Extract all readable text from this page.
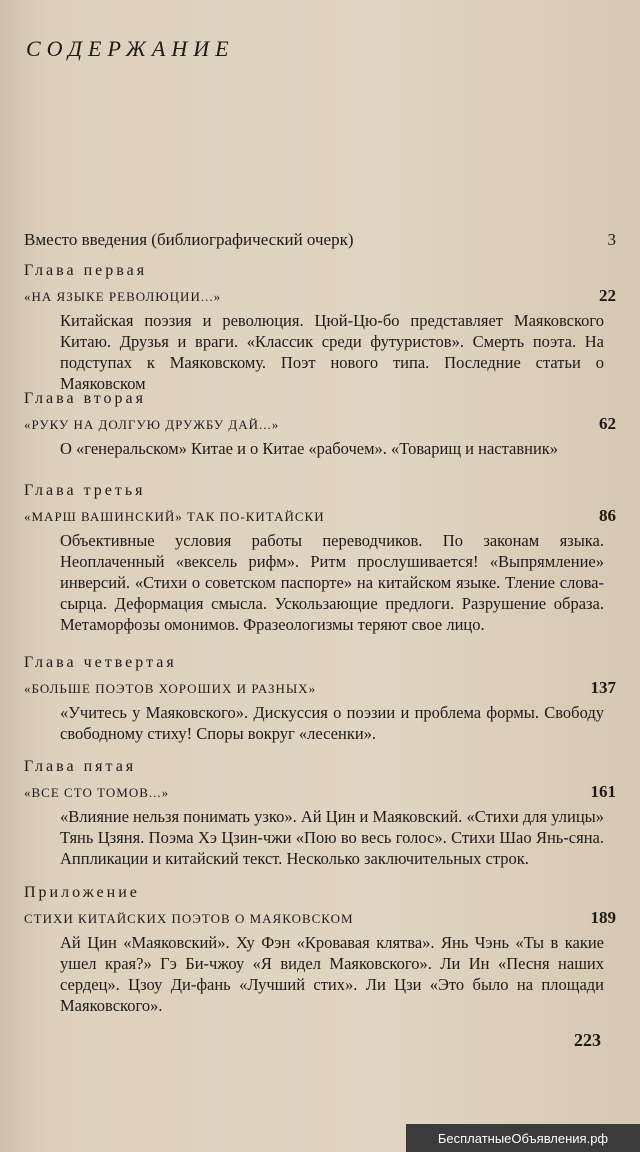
СОДЕРЖАНИЕ
Вместо введения (библиографический очерк)	3
Глава первая
«НА ЯЗЫКЕ РЕВОЛЮЦИИ...»	22
Китайская поэзия и революция. Цюй-Цю-бо представляет Маяковского Китаю. Друзья и враги. «Классик среди футуристов». Смерть поэта. На подступах к Маяковскому. Поэт нового типа. Последние статьи о Маяковском
Глава вторая
«РУКУ НА ДОЛГУЮ ДРУЖБУ ДАЙ...»	62
О «генеральском» Китае и о Китае «рабочем». «Товарищ и наставник»
Глава третья
«МАРШ ВАШИНСКИЙ» ТАК ПО-КИТАЙСКИ	86
Объективные условия работы переводчиков. По законам языка. Неоплаченный «вексель рифм». Ритм прослушивается! «Выпрямление» инверсий. «Стихи о советском паспорте» на китайском языке. Тление слова-сырца. Деформация смысла. Ускользающие предлоги. Разрушение образа. Метаморфозы омонимов. Фразеологизмы теряют свое лицо.
Глава четвертая
«БОЛЬШЕ ПОЭТОВ ХОРОШИХ И РАЗНЫХ»	137
«Учитесь у Маяковского». Дискуссия о поэзии и проблема формы. Свободу свободному стиху! Споры вокруг «лесенки».
Глава пятая
«ВСЕ СТО ТОМОВ...»	161
«Влияние нельзя понимать узко». Ай Цин и Маяковский. «Стихи для улицы» Тянь Цзяня. Поэма Хэ Цзин-чжи «Пою во весь голос». Стихи Шао Янь-сяна. Аппликации и китайский текст. Несколько заключительных строк.
Приложение
СТИХИ КИТАЙСКИХ ПОЭТОВ О МАЯКОВСКОМ	189
Ай Цин «Маяковский». Ху Фэн «Кровавая клятва». Янь Чэнь «Ты в какие ушел края?» Гэ Би-чжоу «Я видел Маяковского». Ли Ин «Песня наших сердец». Цзоу Ди-фань «Лучший стих». Ли Цзи «Это было на площади Маяковского».
223
БесплатныеОбъявления.рф
